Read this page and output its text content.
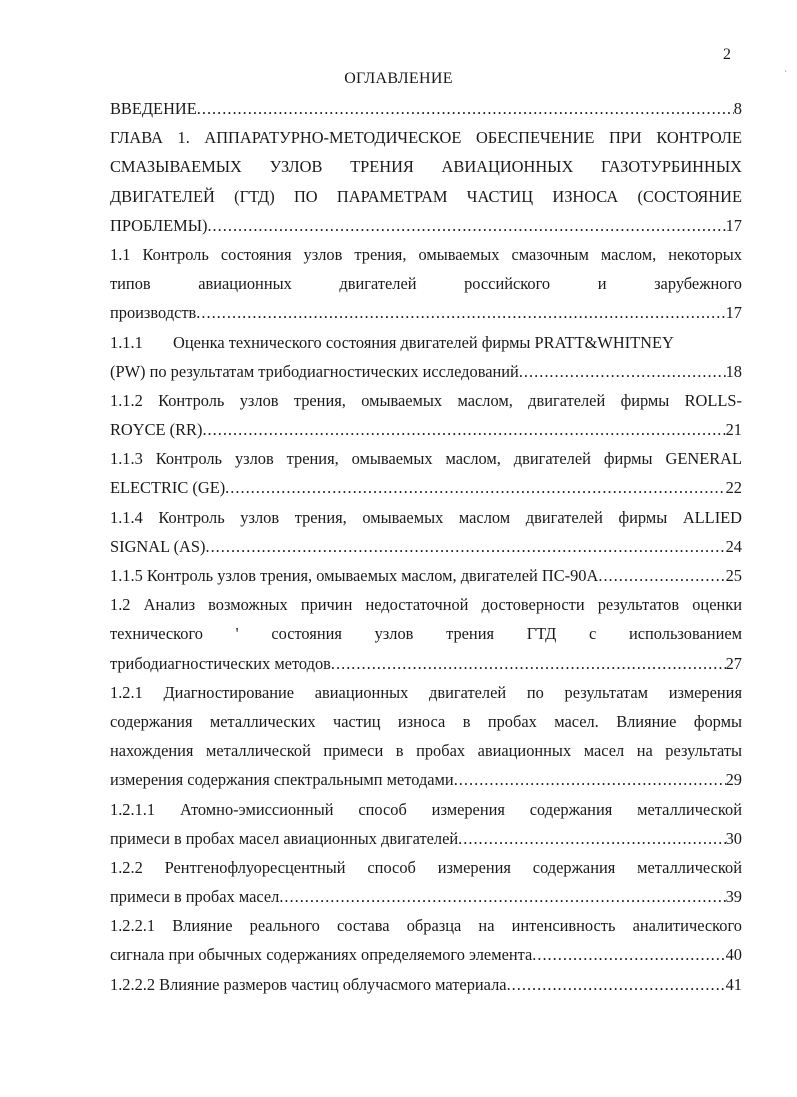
ˎ
2
ОГЛАВЛЕНИЕ
ВВЕДЕНИЕ .....	8
ГЛАВА 1. АППАРАТУРНО-МЕТОДИЧЕСКОЕ ОБЕСПЕЧЕНИЕ ПРИ КОНТРОЛЕ
СМАЗЫВАЕМЫХ УЗЛОВ ТРЕНИЯ АВИАЦИОННЫХ ГАЗОТУРБИННЫХ
ДВИГАТЕЛЕЙ (ГТД) ПО ПАРАМЕТРАМ ЧАСТИЦ ИЗНОСА (СОСТОЯНИЕ
ПРОБЛЕМЫ) .....	17
1.1 Контроль состояния узлов трения, омываемых смазочным маслом, некоторых
типов авиационных двигателей российского и зарубежного
производств .....	17
1.1.1	Оценка технического состояния двигателей фирмы PRATT&WHITNEY
(PW) по результатам трибодиагностических исследований .....	18
1.1.2 Контроль узлов трения, омываемых маслом, двигателей фирмы ROLLS-
ROYCE (RR) .....	21
1.1.3 Контроль узлов трения, омываемых маслом, двигателей фирмы GENERAL
ELECTRIC (GE) .....	22
1.1.4 Контроль узлов трения, омываемых маслом двигателей фирмы ALLIED
SIGNAL (AS) .....	24
1.1.5 Контроль узлов трения, омываемых маслом, двигателей ПС-90А .....	25
1.2 Анализ возможных причин недостаточной достоверности результатов оценки
технического ' состояния узлов трения ГТД с использованием
трибодиагностических методов .....	27
1.2.1 Диагностирование авиационных двигателей по результатам измерения
содержания металлических частиц износа в пробах масел. Влияние формы
нахождения металлической примеси в пробах авиационных масел на результаты
измерения содержания спектральнымп методами .....	29
1.2.1.1 Атомно-эмиссионный способ измерения содержания металлической
примеси в пробах масел авиационных двигателей .....	30
1.2.2 Рентгенофлуоресцентный способ измерения содержания металлической
примеси в пробах масел .....	39
1.2.2.1 Влияние реального состава образца на интенсивность аналитического
сигнала при обычных содержаниях определяемого элемента .....	40
1.2.2.2 Влияние размеров частиц облучасмого материала .....	41
